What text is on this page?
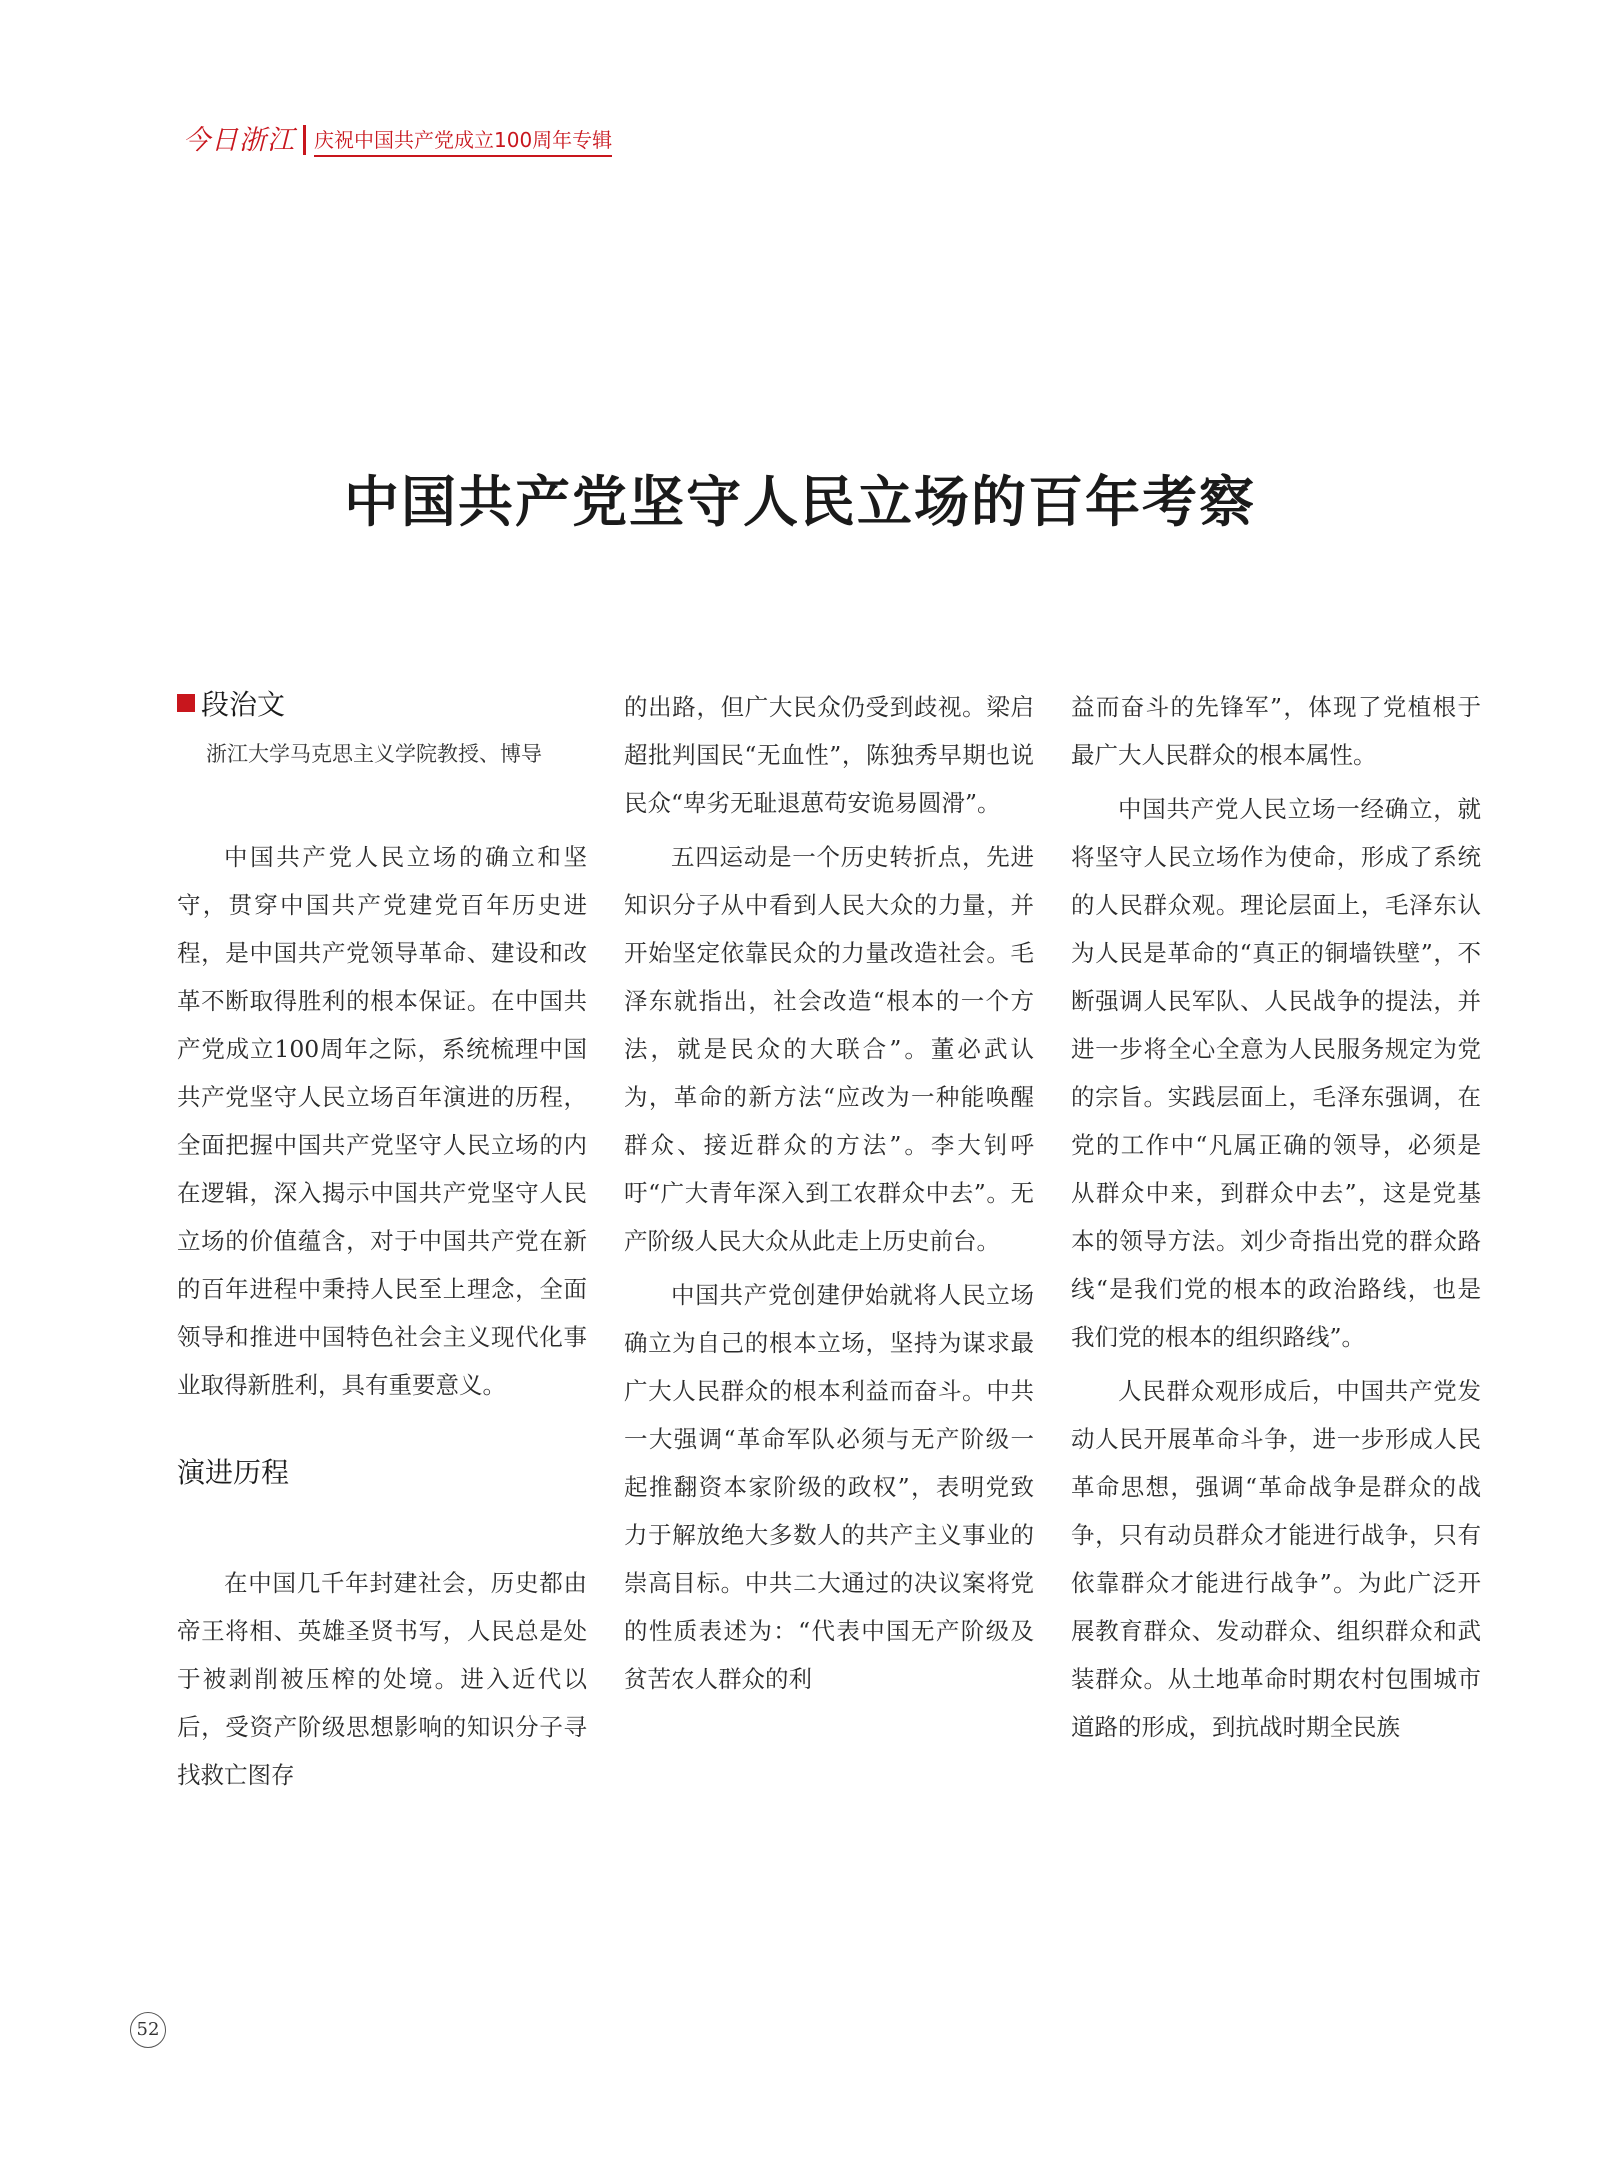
今日浙江 庆祝中国共产党成立100周年专辑
中国共产党坚守人民立场的百年考察
段治文
浙江大学马克思主义学院教授、博导

中国共产党人民立场的确立和坚守，贯穿中国共产党建党百年历史进程，是中国共产党领导革命、建设和改革不断取得胜利的根本保证。在中国共产党成立100周年之际，系统梳理中国共产党坚守人民立场百年演进的历程，全面把握中国共产党坚守人民立场的内在逻辑，深入揭示中国共产党坚守人民立场的价值蕴含，对于中国共产党在新的百年进程中秉持人民至上理念，全面领导和推进中国特色社会主义现代化事业取得新胜利，具有重要意义。

演进历程

在中国几千年封建社会，历史都由帝王将相、英雄圣贤书写，人民总是处于被剥削被压榨的处境。进入近代以后，受资产阶级思想影响的知识分子寻找救亡图存

的出路，但广大民众仍受到歧视。梁启超批判国民“无血性”，陈独秀早期也说民众“卑劣无耻退葸苟安诡易圆滑”。

五四运动是一个历史转折点，先进知识分子从中看到人民大众的力量，并开始坚定依靠民众的力量改造社会。毛泽东就指出，社会改造“根本的一个方法，就是民众的大联合”。董必武认为，革命的新方法“应改为一种能唤醒群众、接近群众的方法”。李大钊呼吁“广大青年深入到工农群众中去”。无产阶级人民大众从此走上历史前台。

中国共产党创建伊始就将人民立场确立为自己的根本立场，坚持为谋求最广大人民群众的根本利益而奋斗。中共一大强调“革命军队必须与无产阶级一起推翻资本家阶级的政权”，表明党致力于解放绝大多数人的共产主义事业的崇高目标。中共二大通过的决议案将党的性质表述为：“代表中国无产阶级及贫苦农人群众的利

益而奋斗的先锋军”，体现了党植根于最广大人民群众的根本属性。

中国共产党人民立场一经确立，就将坚守人民立场作为使命，形成了系统的人民群众观。理论层面上，毛泽东认为人民是革命的“真正的铜墙铁壁”，不断强调人民军队、人民战争的提法，并进一步将全心全意为人民服务规定为党的宗旨。实践层面上，毛泽东强调，在党的工作中“凡属正确的领导，必须是从群众中来，到群众中去”，这是党基本的领导方法。刘少奇指出党的群众路线“是我们党的根本的政治路线，也是我们党的根本的组织路线”。

人民群众观形成后，中国共产党发动人民开展革命斗争，进一步形成人民革命思想，强调“革命战争是群众的战争，只有动员群众才能进行战争，只有依靠群众才能进行战争”。为此广泛开展教育群众、发动群众、组织群众和武装群众。从土地革命时期农村包围城市道路的形成，到抗战时期全民族

52
